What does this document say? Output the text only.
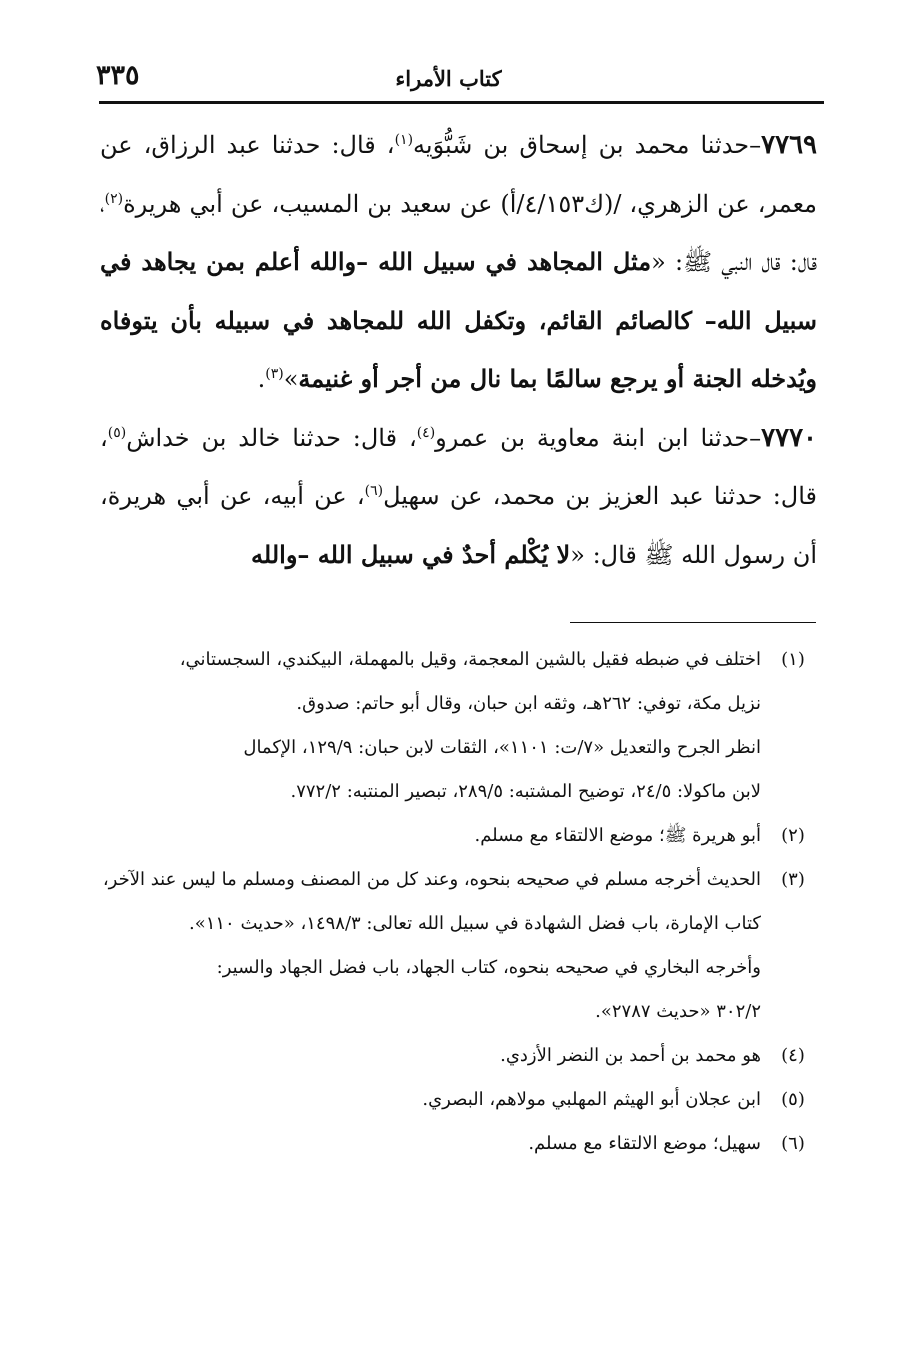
كتاب الأمراء
٣٣٥

٧٧٦٩–حدثنا محمد بن إسحاق بن شَبُّوَيه$^{(١)}$، قال: حدثنا عبد الرزاق، عن معمر، عن الزهري، /(ك٤/١٥٣/أ) عن سعيد بن المسيب، عن أبي هريرة$^{(٢)}$، قال: قال النبي ﷺ: «مثل المجاهد في سبيل الله –والله أعلم بمن يجاهد في سبيل الله– كالصائم القائم، وتكفل الله للمجاهد في سبيله بأن يتوفاه ويُدخله الجنة أو يرجع سالمًا بما نال من أجر أو غنيمة»$^{(٣)}$.

٧٧٧٠–حدثنا ابن ابنة معاوية بن عمرو$^{(٤)}$، قال: حدثنا خالد بن خداش$^{(٥)}$، قال: حدثنا عبد العزيز بن محمد، عن سهيل$^{(٦)}$، عن أبيه، عن أبي هريرة، أن رسول الله ﷺ قال: «لا يُكْلم أحدٌ في سبيل الله –والله

(١)
اختلف في ضبطه فقيل بالشين المعجمة، وقيل بالمهملة، البيكندي، السجستاني،
نزيل مكة، توفي: ٢٦٢هـ، وثقه ابن حبان، وقال أبو حاتم: صدوق.
انظر الجرح والتعديل «٧/ت: ١١٠١»، الثقات لابن حبان: ١٢٩/٩، الإكمال
لابن ماكولا: ٢٤/٥، توضيح المشتبه: ٢٨٩/٥، تبصير المنتبه: ٧٧٢/٢.
(٢)
أبو هريرة ﷺ؛ موضع الالتقاء مع مسلم.
(٣)
الحديث أخرجه مسلم في صحيحه بنحوه، وعند كل من المصنف ومسلم ما ليس عند الآخر،
كتاب الإمارة، باب فضل الشهادة في سبيل الله تعالى: ١٤٩٨/٣، «حديث ١١٠».
وأخرجه البخاري في صحيحه بنحوه، كتاب الجهاد، باب فضل الجهاد والسير:
٣٠٢/٢ «حديث ٢٧٨٧».
(٤)
هو محمد بن أحمد بن النضر الأزدي.
(٥)
ابن عجلان أبو الهيثم المهلبي مولاهم، البصري.
(٦)
سهيل؛ موضع الالتقاء مع مسلم.
